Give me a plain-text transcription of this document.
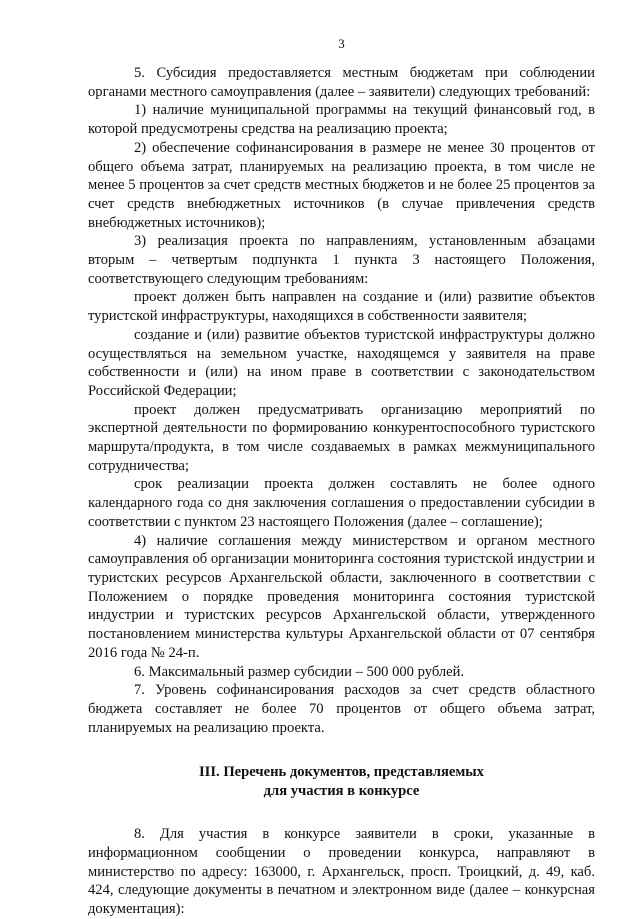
3

5. Субсидия предоставляется местным бюджетам при соблюдении органами местного самоуправления (далее – заявители) следующих требований:

1) наличие муниципальной программы на текущий финансовый год, в которой предусмотрены средства на реализацию проекта;

2) обеспечение софинансирования в размере не менее 30 процентов от общего объема затрат, планируемых на реализацию проекта, в том числе не менее 5 процентов за счет средств местных бюджетов и не более 25 процентов за счет средств внебюджетных источников (в случае привлечения средств внебюджетных источников);

3) реализация проекта по направлениям, установленным абзацами вторым – четвертым подпункта 1 пункта 3 настоящего Положения, соответствующего следующим требованиям:

проект должен быть направлен на создание и (или) развитие объектов туристской инфраструктуры, находящихся в собственности заявителя;

создание и (или) развитие объектов туристской инфраструктуры должно осуществляться на земельном участке, находящемся у заявителя на праве собственности и (или) на ином праве в соответствии с законодательством Российской Федерации;

проект должен предусматривать организацию мероприятий по экспертной деятельности по формированию конкурентоспособного туристского маршрута/продукта, в том числе создаваемых в рамках межмуниципального сотрудничества;

срок реализации проекта должен составлять не более одного календарного года со дня заключения соглашения о предоставлении субсидии в соответствии с пунктом 23 настоящего Положения (далее – соглашение);

4) наличие соглашения между министерством и органом местного самоуправления об организации мониторинга состояния туристской индустрии и туристских ресурсов Архангельской области, заключенного в соответствии с Положением о порядке проведения мониторинга состояния туристской индустрии и туристских ресурсов Архангельской области, утвержденного постановлением министерства культуры Архангельской области от 07 сентября 2016 года № 24-п.

6. Максимальный размер субсидии – 500 000 рублей.

7. Уровень софинансирования расходов за счет средств областного бюджета составляет не более 70 процентов от общего объема затрат, планируемых на реализацию проекта.

III. Перечень документов, представляемых
для участия в конкурсе

8. Для участия в конкурсе заявители в сроки, указанные в информационном сообщении о проведении конкурса, направляют в министерство по адресу: 163000, г. Архангельск, просп. Троицкий, д. 49, каб. 424, следующие документы в печатном и электронном виде (далее – конкурсная документация):
